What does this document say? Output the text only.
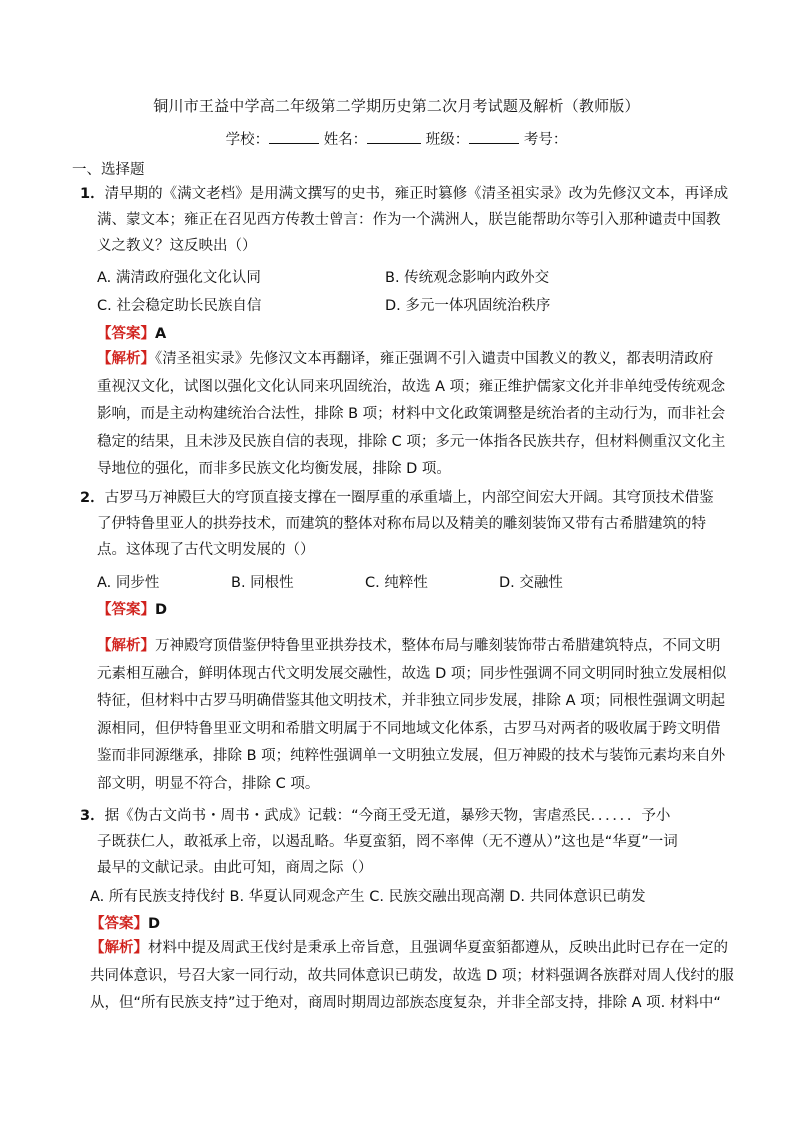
铜川市王益中学高二年级第二学期历史第二次月考试题及解析（教师版）
学校：	姓名：	班级：	考号：
一、选择题
1．清早期的《满文老档》是用满文撰写的史书，雍正时篡修《清圣祖实录》改为先修汉文本，再译成
满、蒙文本；雍正在召见西方传教士曾言：作为一个满洲人，朕岂能帮助尔等引入那种谴责中国教
义之教义？这反映出（）
A. 满清政府强化文化认同	B. 传统观念影响内政外交
C. 社会稳定助长民族自信	D. 多元一体巩固统治秩序
【答案】A
【解析】《清圣祖实录》先修汉文本再翻译，雍正强调不引入谴责中国教义的教义，都表明清政府
重视汉文化，试图以强化文化认同来巩固统治，故选 A 项；雍正维护儒家文化并非单纯受传统观念
影响，而是主动构建统治合法性，排除 B 项；材料中文化政策调整是统治者的主动行为，而非社会
稳定的结果，且未涉及民族自信的表现，排除 C 项；多元一体指各民族共存，但材料侧重汉文化主
导地位的强化，而非多民族文化均衡发展，排除 D 项。
2．古罗马万神殿巨大的穹顶直接支撑在一圈厚重的承重墙上，内部空间宏大开阔。其穹顶技术借鉴
了伊特鲁里亚人的拱券技术，而建筑的整体对称布局以及精美的雕刻装饰又带有古希腊建筑的特
点。这体现了古代文明发展的（）
A. 同步性	B. 同根性	C. 纯粹性	D. 交融性
【答案】D
【解析】万神殿穹顶借鉴伊特鲁里亚拱券技术，整体布局与雕刻装饰带古希腊建筑特点，不同文明
元素相互融合，鲜明体现古代文明发展交融性，故选 D 项；同步性强调不同文明同时独立发展相似
特征，但材料中古罗马明确借鉴其他文明技术，并非独立同步发展，排除 A 项；同根性强调文明起
源相同，但伊特鲁里亚文明和希腊文明属于不同地域文化体系，古罗马对两者的吸收属于跨文明借
鉴而非同源继承，排除 B 项；纯粹性强调单一文明独立发展，但万神殿的技术与装饰元素均来自外
部文明，明显不符合，排除 C 项。
3．据《伪古文尚书・周书・武成》记载：“今商王受无道，暴殄天物，害虐烝民．．．．．．予小
子既获仁人，敢祗承上帝，以遏乱略。华夏蛮貊，罔不率俾（无不遵从）”这也是“华夏”一词
最早的文献记录。由此可知，商周之际（）
A. 所有民族支持伐纣 B. 华夏认同观念产生 C. 民族交融出现高潮 D. 共同体意识已萌发
【答案】D
【解析】材料中提及周武王伐纣是秉承上帝旨意，且强调华夏蛮貊都遵从，反映出此时已存在一定的
共同体意识，号召大家一同行动，故共同体意识已萌发，故选 D 项；材料强调各族群对周人伐纣的服
从，但“所有民族支持”过于绝对，商周时期周边部族态度复杂，并非全部支持，排除 A 项. 材料中“
